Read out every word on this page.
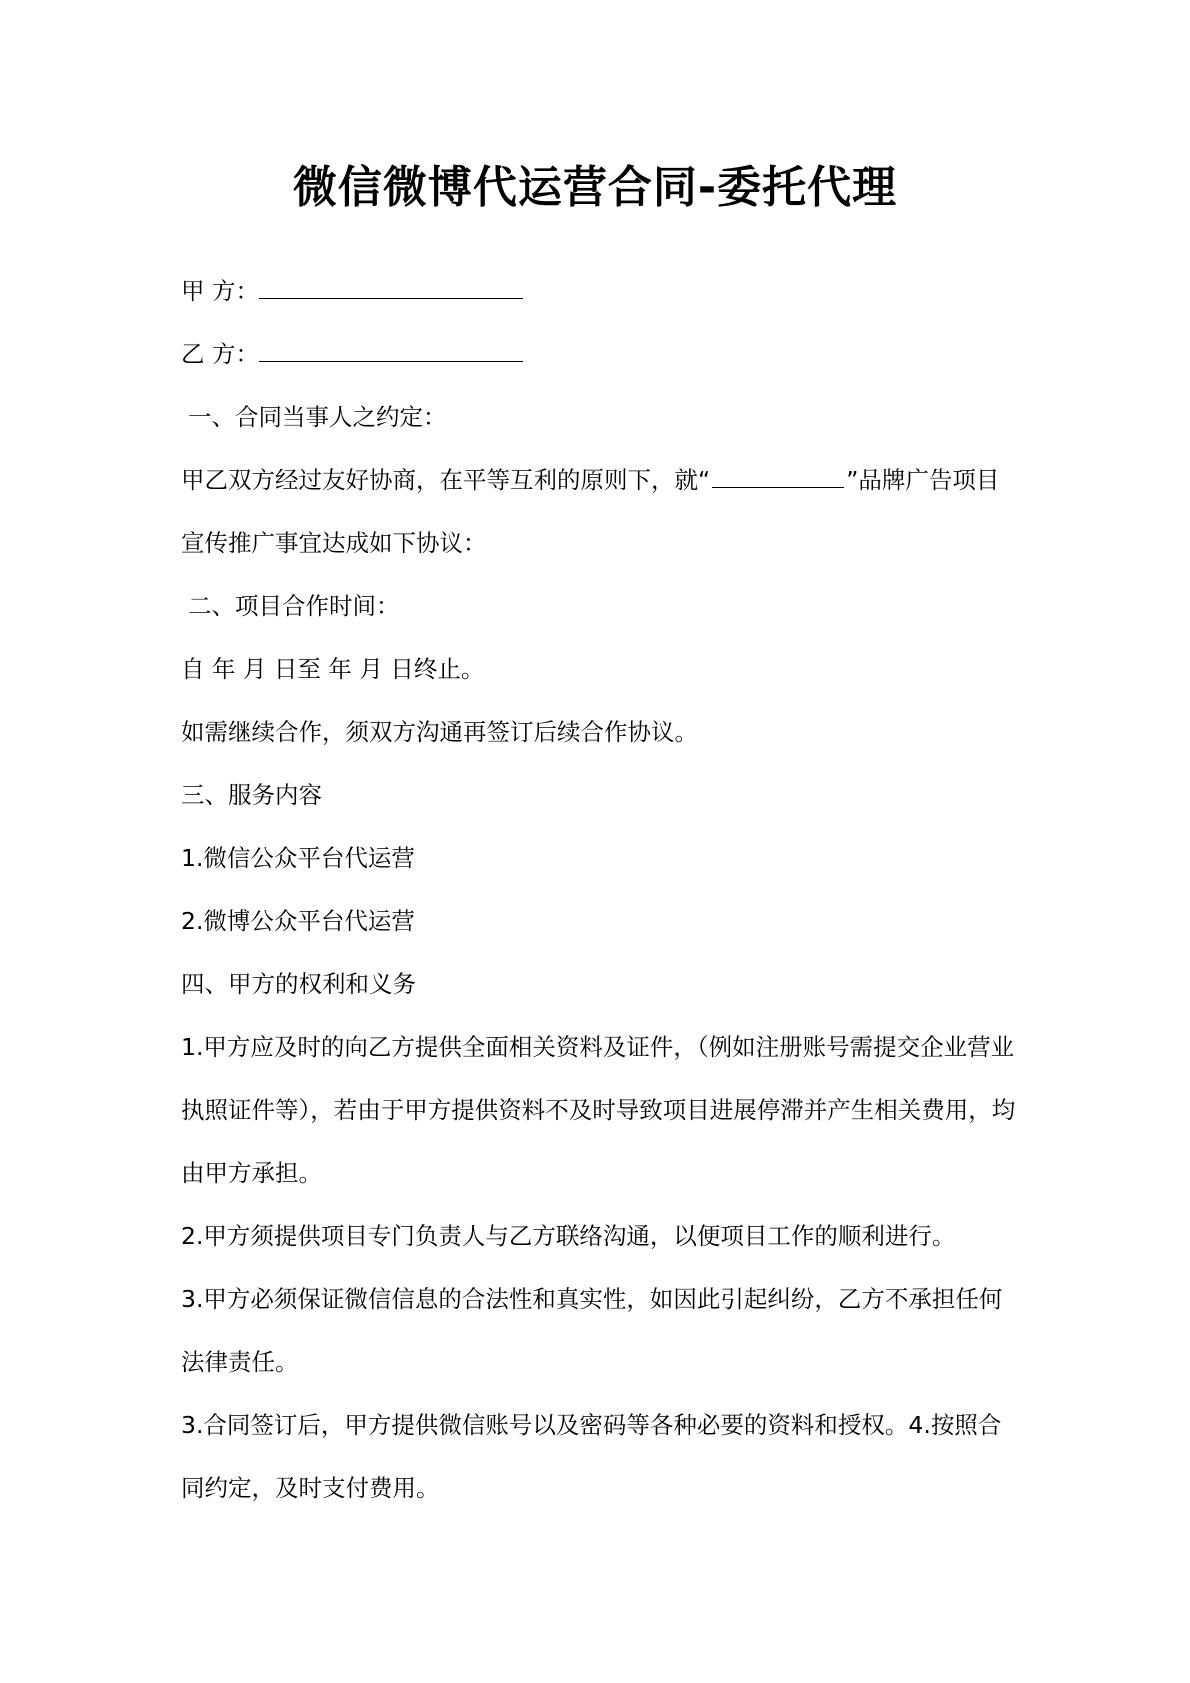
微信微博代运营合同-委托代理

甲 方：

乙 方：

一、合同当事人之约定：

甲乙双方经过友好协商，在平等互利的原则下，就“	”品牌广告项目宣传推广事宜达成如下协议：

二、项目合作时间：

自 年 月 日至 年 月 日终止。

如需继续合作，须双方沟通再签订后续合作协议。

三、服务内容

1.微信公众平台代运营

2.微博公众平台代运营

四、甲方的权利和义务

1.甲方应及时的向乙方提供全面相关资料及证件，（例如注册账号需提交企业营业执照证件等），若由于甲方提供资料不及时导致项目进展停滞并产生相关费用，均由甲方承担。

2.甲方须提供项目专门负责人与乙方联络沟通，以便项目工作的顺利进行。

3.甲方必须保证微信信息的合法性和真实性，如因此引起纠纷，乙方不承担任何法律责任。

3.合同签订后，甲方提供微信账号以及密码等各种必要的资料和授权。4.按照合同约定，及时支付费用。
